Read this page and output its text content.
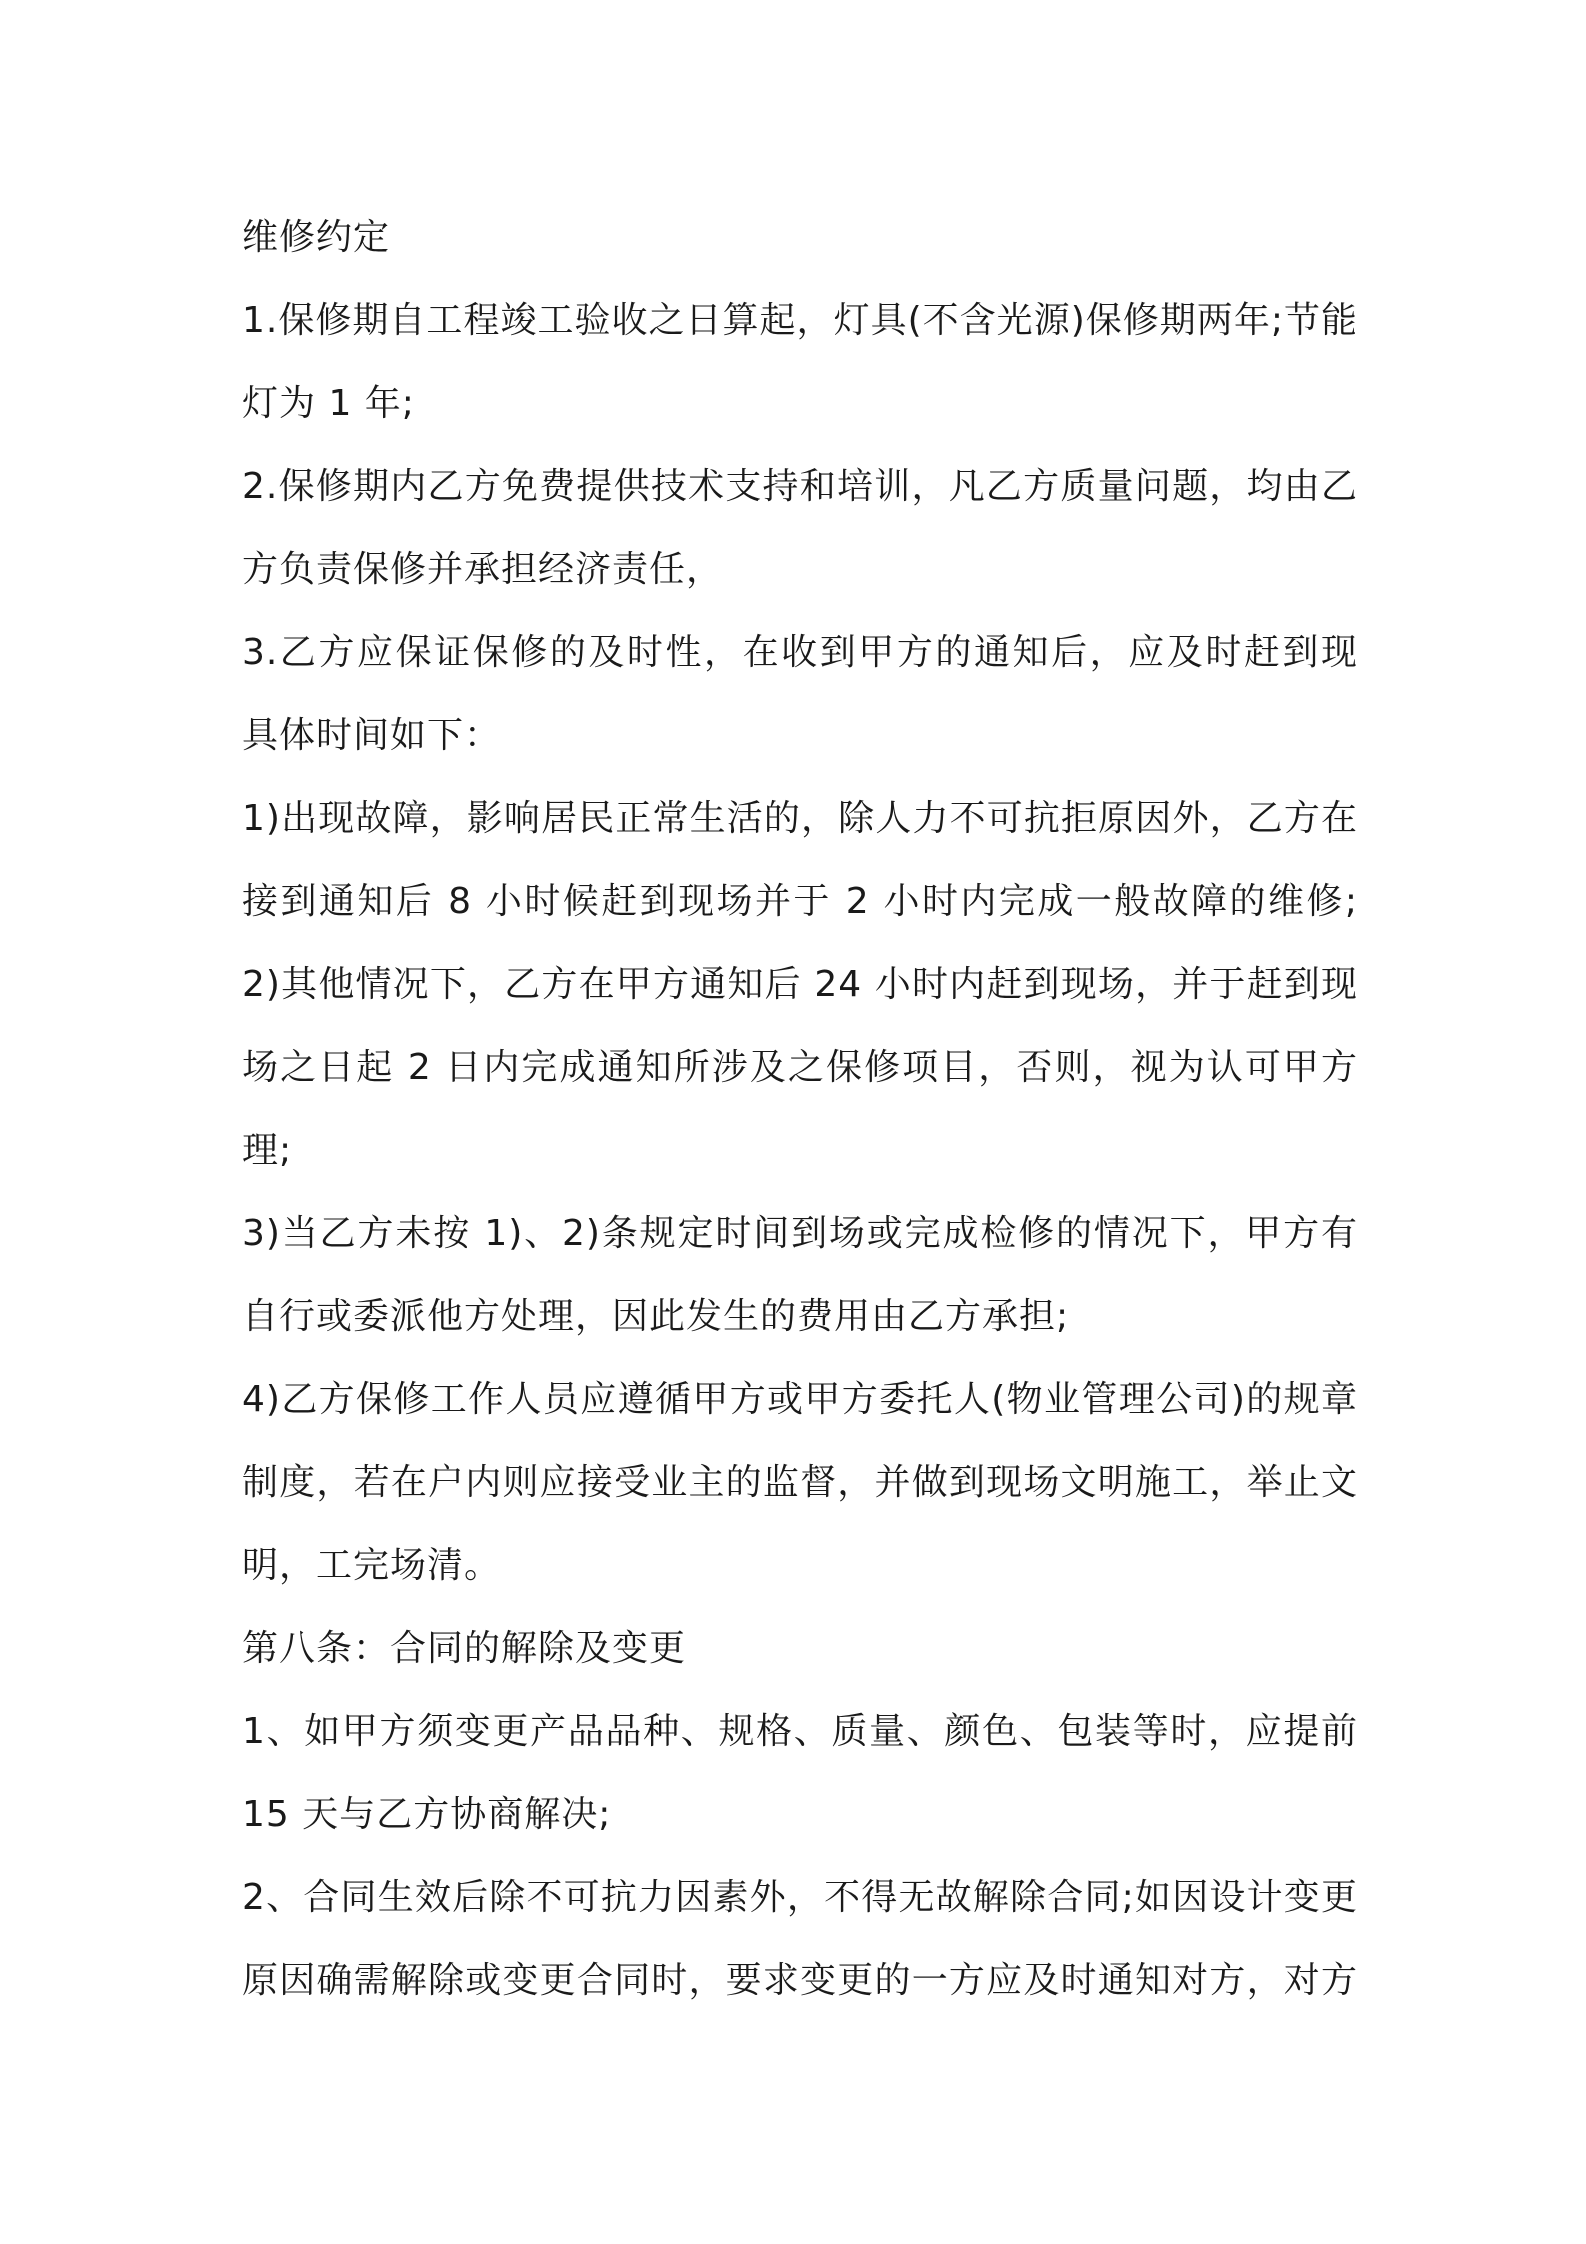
维修约定
1.保修期自工程竣工验收之日算起，灯具(不含光源)保修期两年;节能
灯为 1 年;
2.保修期内乙方免费提供技术支持和培训，凡乙方质量问题，均由乙
方负责保修并承担经济责任，
3.乙方应保证保修的及时性，在收到甲方的通知后，应及时赶到现
具体时间如下：
1)出现故障，影响居民正常生活的，除人力不可抗拒原因外，乙方在
接到通知后 8 小时候赶到现场并于 2 小时内完成一般故障的维修;
2)其他情况下，乙方在甲方通知后 24 小时内赶到现场，并于赶到现
场之日起 2 日内完成通知所涉及之保修项目，否则，视为认可甲方
理;
3)当乙方未按 1)、2)条规定时间到场或完成检修的情况下，甲方有
自行或委派他方处理，因此发生的费用由乙方承担;
4)乙方保修工作人员应遵循甲方或甲方委托人(物业管理公司)的规章
制度，若在户内则应接受业主的监督，并做到现场文明施工，举止文
明，工完场清。
第八条：合同的解除及变更
1、如甲方须变更产品品种、规格、质量、颜色、包装等时，应提前
15 天与乙方协商解决;
2、合同生效后除不可抗力因素外，不得无故解除合同;如因设计变更
原因确需解除或变更合同时，要求变更的一方应及时通知对方，对方
